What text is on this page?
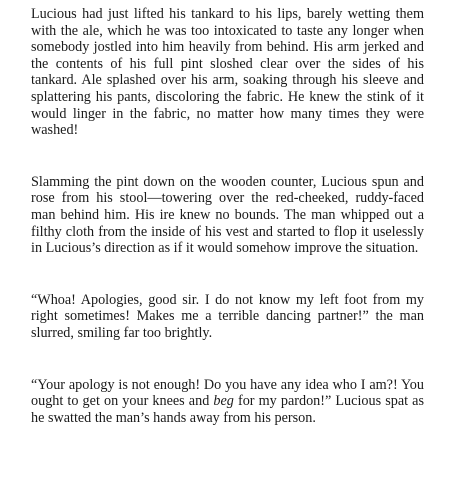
Lucious had just lifted his tankard to his lips, barely wetting them with the ale, which he was too intoxicated to taste any longer when somebody jostled into him heavily from behind. His arm jerked and the contents of his full pint sloshed clear over the sides of his tankard. Ale splashed over his arm, soaking through his sleeve and splattering his pants, discoloring the fabric. He knew the stink of it would linger in the fabric, no matter how many times they were washed!

Slamming the pint down on the wooden counter, Lucious spun and rose from his stool—towering over the red-cheeked, ruddy-faced man behind him. His ire knew no bounds. The man whipped out a filthy cloth from the inside of his vest and started to flop it uselessly in Lucious’s direction as if it would somehow improve the situation.

“Whoa! Apologies, good sir. I do not know my left foot from my right sometimes! Makes me a terrible dancing partner!” the man slurred, smiling far too brightly.

“Your apology is not enough! Do you have any idea who I am?! You ought to get on your knees and beg for my pardon!” Lucious spat as he swatted the man’s hands away from his person.
